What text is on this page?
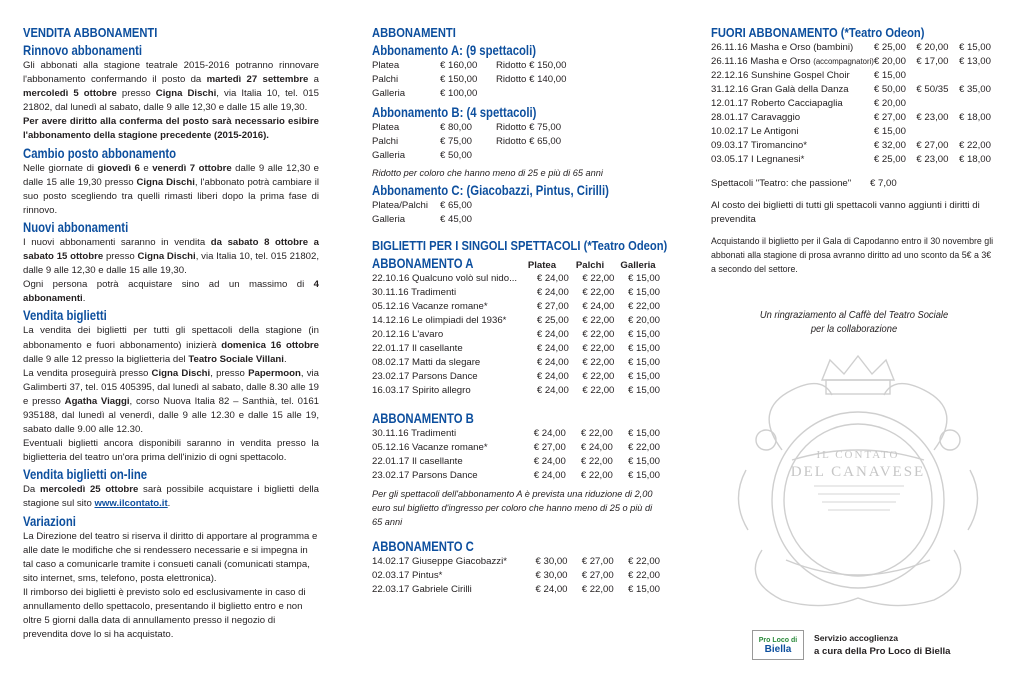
VENDITA ABBONAMENTI
Rinnovo abbonamenti
Gli abbonati alla stagione teatrale 2015-2016 potranno rinnovare l'abbonamento confermando il posto da martedì 27 settembre a mercoledì 5 ottobre presso Cigna Dischi, via Italia 10, tel. 015 21802, dal lunedì al sabato, dalle 9 alle 12,30 e dalle 15 alle 19,30.
Per avere diritto alla conferma del posto sarà necessario esibire l'abbonamento della stagione precedente (2015-2016).
Cambio posto abbonamento
Nelle giornate di giovedì 6 e venerdì 7 ottobre dalle 9 alle 12,30 e dalle 15 alle 19,30 presso Cigna Dischi, l'abbonato potrà cambiare il suo posto scegliendo tra quelli rimasti liberi dopo la prima fase di rinnovo.
Nuovi abbonamenti
I nuovi abbonamenti saranno in vendita da sabato 8 ottobre a sabato 15 ottobre presso Cigna Dischi, via Italia 10, tel. 015 21802, dalle 9 alle 12,30 e dalle 15 alle 19,30.
Ogni persona potrà acquistare sino ad un massimo di 4 abbonamenti.
Vendita biglietti
La vendita dei biglietti per tutti gli spettacoli della stagione (in abbonamento e fuori abbonamento) inizierà domenica 16 ottobre dalle 9 alle 12 presso la biglietteria del Teatro Sociale Villani.
La vendita proseguirà presso Cigna Dischi, presso Papermoon, via Galimberti 37, tel. 015 405395, dal lunedì al sabato, dalle 8.30 alle 19 e presso Agatha Viaggi, corso Nuova Italia 82 – Santhià, tel. 0161 935188, dal lunedì al venerdì, dalle 9 alle 12.30 e dalle 15 alle 19, sabato dalle 9.00 alle 12.30.
Eventuali biglietti ancora disponibili saranno in vendita presso la biglietteria del teatro un'ora prima dell'inizio di ogni spettacolo.
Vendita biglietti on-line
Da mercoledì 25 ottobre sarà possibile acquistare i biglietti della stagione sul sito www.ilcontato.it.
Variazioni
La Direzione del teatro si riserva il diritto di apportare al programma e alle date le modifiche che si rendessero necessarie e si impegna in tal caso a comunicarle tramite i consueti canali (comunicati stampa, sito internet, sms, telefono, posta elettronica).
Il rimborso dei biglietti è previsto solo ed esclusivamente in caso di annullamento dello spettacolo, presentando il biglietto entro e non oltre 5 giorni dalla data di annullamento presso il negozio di prevendita dove lo si ha acquistato.
ABBONAMENTI
Abbonamento A: (9 spettacoli)
Platea	€ 160,00	Ridotto € 150,00
Palchi	€ 150,00	Ridotto € 140,00
Galleria	€ 100,00	
Abbonamento B: (4 spettacoli)
Platea	€ 80,00	Ridotto € 75,00
Palchi	€ 75,00	Ridotto € 65,00
Galleria	€ 50,00	
Ridotto per coloro che hanno meno di 25 e più di 65 anni
Abbonamento C: (Giacobazzi, Pintus, Cirilli)
Platea/Palchi	€ 65,00	
Galleria	€ 45,00	
BIGLIETTI PER I SINGOLI SPETTACOLI (*Teatro Odeon)
ABBONAMENTO A	Platea	Palchi	Galleria
22.10.16 Qualcuno volò sul nido...	€ 24,00	€ 22,00	€ 15,00
30.11.16 Tradimenti	€ 24,00	€ 22,00	€ 15,00
05.12.16 Vacanze romane*	€ 27,00	€ 24,00	€ 22,00
14.12.16 Le olimpiadi del 1936*	€ 25,00	€ 22,00	€ 20,00
20.12.16 L'avaro	€ 24,00	€ 22,00	€ 15,00
22.01.17 Il casellante	€ 24,00	€ 22,00	€ 15,00
08.02.17 Matti da slegare	€ 24,00	€ 22,00	€ 15,00
23.02.17 Parsons Dance	€ 24,00	€ 22,00	€ 15,00
16.03.17 Spirito allegro	€ 24,00	€ 22,00	€ 15,00
ABBONAMENTO B
30.11.16 Tradimenti	€ 24,00	€ 22,00	€ 15,00
05.12.16 Vacanze romane*	€ 27,00	€ 24,00	€ 22,00
22.01.17 Il casellante	€ 24,00	€ 22,00	€ 15,00
23.02.17 Parsons Dance	€ 24,00	€ 22,00	€ 15,00
Per gli spettacoli dell'abbonamento A è prevista una riduzione di 2,00 euro sul biglietto d'ingresso per coloro che hanno meno di 25 o più di 65 anni
ABBONAMENTO C
14.02.17 Giuseppe Giacobazzi*	€ 30,00	€ 27,00	€ 22,00
02.03.17 Pintus*	€ 30,00	€ 27,00	€ 22,00
22.03.17 Gabriele Cirilli	€ 24,00	€ 22,00	€ 15,00
FUORI ABBONAMENTO (*Teatro Odeon)
26.11.16 Masha e Orso (bambini)	€ 25,00	€ 20,00	€ 15,00
26.11.16 Masha e Orso (accompagnatori)	€ 20,00	€ 17,00	€ 13,00
22.12.16 Sunshine Gospel Choir	€ 15,00		
31.12.16 Gran Galà della Danza	€ 50,00	€ 50/35	€ 35,00
12.01.17 Roberto Cacciapaglia	€ 20,00		
28.01.17 Caravaggio	€ 27,00	€ 23,00	€ 18,00
10.02.17 Le Antigoni	€ 15,00		
09.03.17 Tiromancino*	€ 32,00	€ 27,00	€ 22,00
03.05.17 I Legnanesi*	€ 25,00	€ 23,00	€ 18,00
Spettacoli "Teatro: che passione"	€ 7,00		
Al costo dei biglietti di tutti gli spettacoli vanno aggiunti i diritti di prevendita
Acquistando il biglietto per il Gala di Capodanno entro il 30 novembre gli abbonati alla stagione di prosa avranno diritto ad uno sconto da 5€ a 3€ a secondo del settore.
Un ringraziamento al Caffè del Teatro Sociale
per la collaborazione
IL CONTATO
DEL CANAVESE
Pro Loco di
Biella
Servizio accoglienza
a cura della Pro Loco di Biella
